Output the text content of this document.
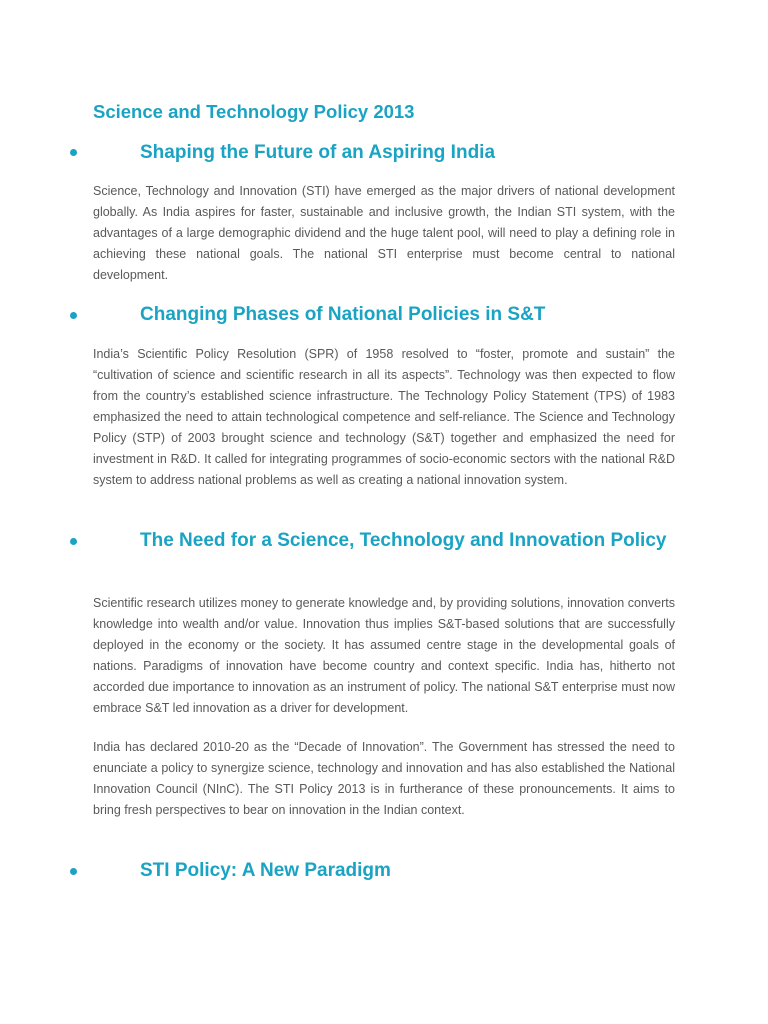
Science and Technology Policy 2013
Shaping the Future of an Aspiring India

Science, Technology and Innovation (STI) have emerged as the major drivers of national development globally. As India aspires for faster, sustainable and inclusive growth, the Indian STI system, with the advantages of a large demographic dividend and the huge talent pool, will need to play a defining role in achieving these national goals. The national STI enterprise must become central to national development.

Changing Phases of National Policies in S&T

India’s Scientific Policy Resolution (SPR) of 1958 resolved to “foster, promote and sustain” the “cultivation of science and scientific research in all its aspects”. Technology was then expected to flow from the country’s established science infrastructure. The Technology Policy Statement (TPS) of 1983 emphasized the need to attain technological competence and self-reliance. The Science and Technology Policy (STP) of 2003 brought science and technology (S&T) together and emphasized the need for investment in R&D. It called for integrating programmes of socio-economic sectors with the national R&D system to address national problems as well as creating a national innovation system.

The Need for a Science, Technology and Innovation Policy

Scientific research utilizes money to generate knowledge and, by providing solutions, innovation converts knowledge into wealth and/or value. Innovation thus implies S&T-based solutions that are successfully deployed in the economy or the society. It has assumed centre stage in the developmental goals of nations. Paradigms of innovation have become country and context specific. India has, hitherto not accorded due importance to innovation as an instrument of policy. The national S&T enterprise must now embrace S&T led innovation as a driver for development.

India has declared 2010-20 as the “Decade of Innovation”. The Government has stressed the need to enunciate a policy to synergize science, technology and innovation and has also established the National Innovation Council (NInC). The STI Policy 2013 is in furtherance of these pronouncements. It aims to bring fresh perspectives to bear on innovation in the Indian context.

STI Policy: A New Paradigm
